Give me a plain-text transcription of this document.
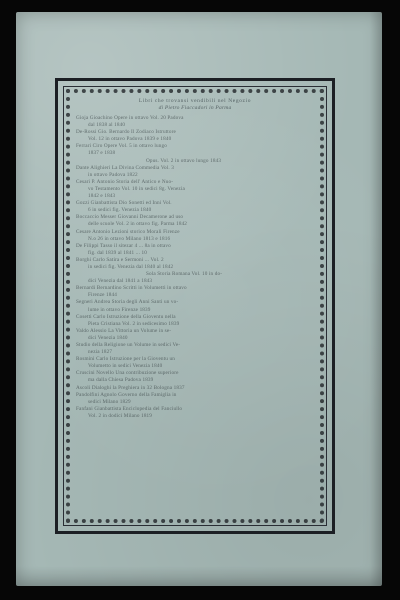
Libri che trovansi vendibili nel Negozio
di Pietro Fiaccadori in Parma
Gioja Gioachino Opere in ottavo Vol. 20 Padova
dal 1838 al 1840
De-Rossi Gio. Bernardo Il Zodiaco Istruttore
Vol. 12 in ottavo Padova 1839 e 1840
Ferrari Ciro Opere Vol. 5 in ottavo lungo
1837 e 1838
Opus. Vol. 2 in ottavo lungo 1843
Dante Alighieri La Divina Commedia Vol. 3
in ottavo Padova 1822
Cesari P. Antonio Storia dell' Antico e Nuo-
vo Testamento Vol. 10 in sedici 8g. Venezia
1842 e 1843
Gozzi Gianbattista Dio Sonetti ed Inni Vol.
6 in sedici fig. Venezia 1840
Boccaccio Messer Giovanni Decamerone ad uso
delle scuole Vol. 2 in ottavo fig. Parma 1842
Cesare Antonio Lezioni storico Morali Firenze
N.o 26 in ottavo Milano 1813 e 1816
De Filippi Tasso il sitezar 4 ... 8a in ottavo
fig. dal 1839 al 1841 ... 10
Borghi Carlo Satira e Sermoni ... Vol. 2
in sedici fig. Venezia dal 1840 al 1842
Sola Storia Romana Vol. 10 in do-
dici Venezia dal 1841 a 1843
Bernardi Bernardino Scritti in Volumetti in ottavo
Firenze 1844
Segneri Andrea Storia degli Anni Santi un vo-
lume in ottavo Firenze 1839
Cosetti Carlo Istruzione della Gioventu nella
Pieta Cristiana Vol. 2 in sedicesimo 1839
Valdo Alessio La Vittoria un Volume in se-
dici Venezia 1840
Studio della Religione un Volume in sedici Ve-
nezia 1827
Rosmini Carlo Istruzione per la Gioventu un
Volumetto in sedici Venezia 1840
Cruscini Novello Una contribuzione superiore
ma dalla Chiesa Padova 1839
Ascoli Dialoghi la Preghiera in 32 Bologna 1837
Pandolfini Agnolo Governo della Famiglia in
sedici Milano 1829
Fanfani Gianbattista Enciclopedia del Fanciullo
Vol. 2 in dodici Milano 1819
